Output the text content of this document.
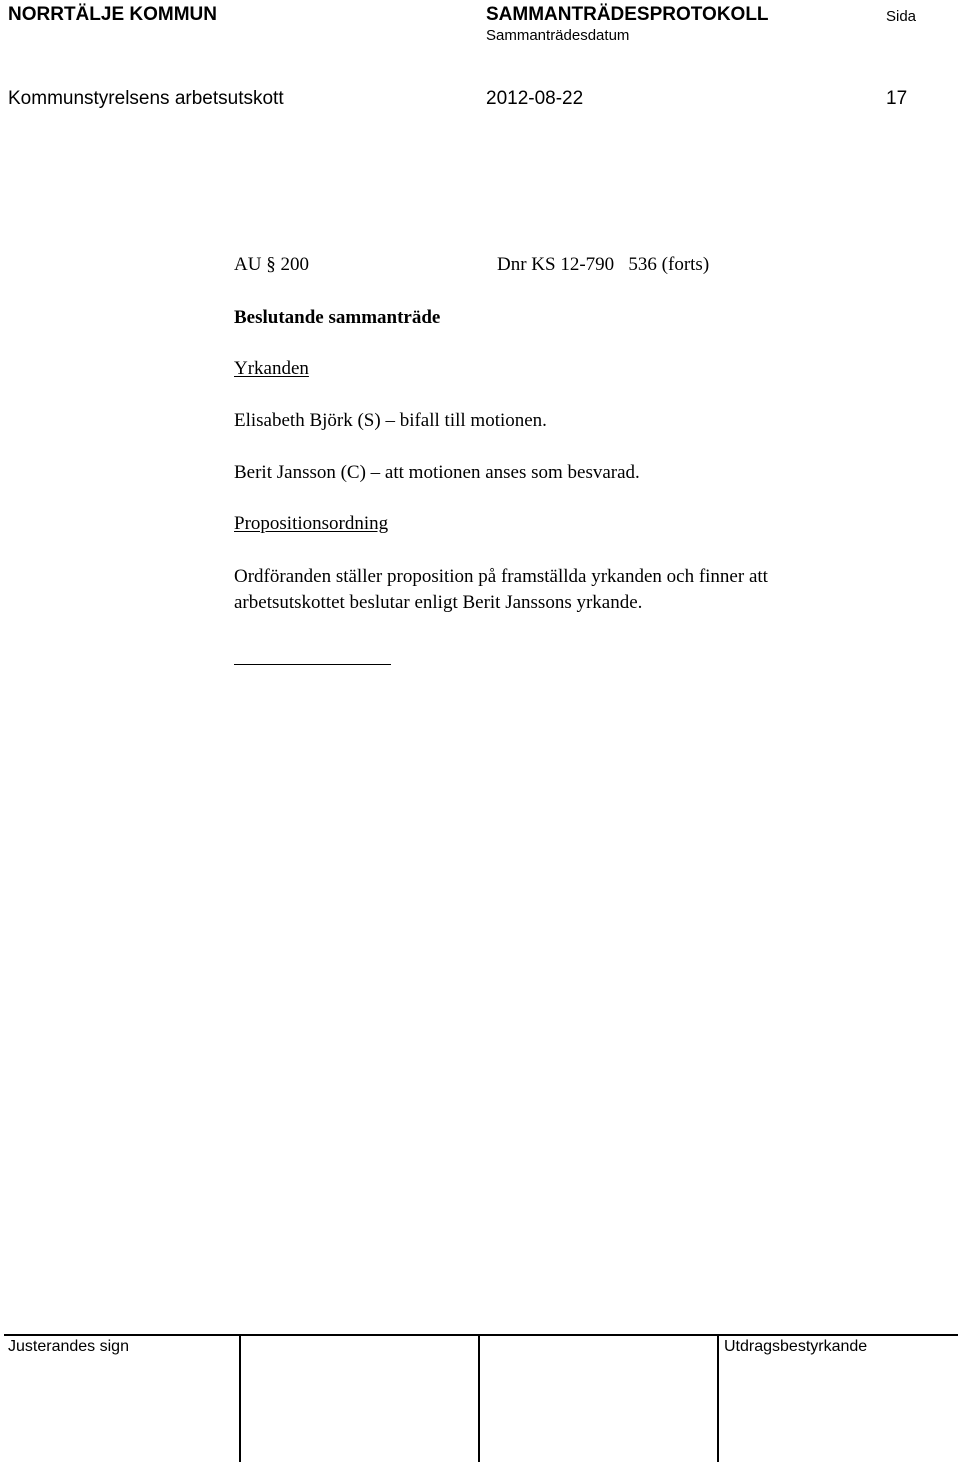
NORRTÄLJE KOMMUN	SAMMANTRÄDESPROTOKOLL
Sammanträdesdatum
Sida
Kommunstyrelsens arbetsutskott	2012-08-22	17
AU § 200	Dnr KS 12-790   536 (forts)
Beslutande sammanträde
Yrkanden
Elisabeth Björk (S) – bifall till motionen.
Berit Jansson (C) – att motionen anses som besvarad.
Propositionsordning
Ordföranden ställer proposition på framställda yrkanden och finner att
arbetsutskottet beslutar enligt Berit Janssons yrkande.
Justerandes sign	Utdragsbestyrkande
